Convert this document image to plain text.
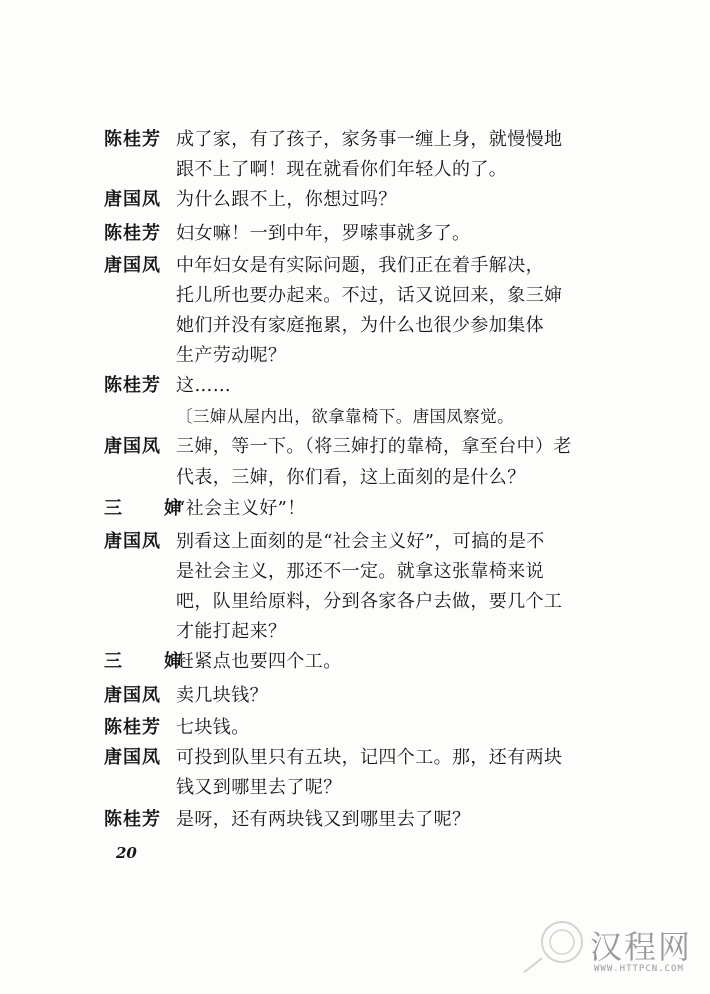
陈桂芳
唐国凤
陈桂芳
唐国凤
陈桂芳
唐国凤
三　婶
唐国凤
三　婶
唐国凤
陈桂芳
唐国凤
陈桂芳
成了家，有了孩子，家务事一缠上身，就慢慢地
跟不上了啊！现在就看你们年轻人的了。
为什么跟不上，你想过吗？
妇女嘛！一到中年，罗嗦事就多了。
中年妇女是有实际问题，我们正在着手解决，
托儿所也要办起来。不过，话又说回来，象三婶
她们并没有家庭拖累，为什么也很少参加集体
生产劳动呢？
这……
〔三婶从屋内出，欲拿靠椅下。唐国凤察觉。
三婶，等一下。（将三婶打的靠椅，拿至台中）老
代表，三婶，你们看，这上面刻的是什么？
“社会主义好”！
别看这上面刻的是“社会主义好”，可搞的是不
是社会主义，那还不一定。就拿这张靠椅来说
吧，队里给原料，分到各家各户去做，要几个工
才能打起来？
赶紧点也要四个工。
卖几块钱？
七块钱。
可投到队里只有五块，记四个工。那，还有两块
钱又到哪里去了呢？
是呀，还有两块钱又到哪里去了呢？
20
汉程网
WWW.HTTPCN.COM
